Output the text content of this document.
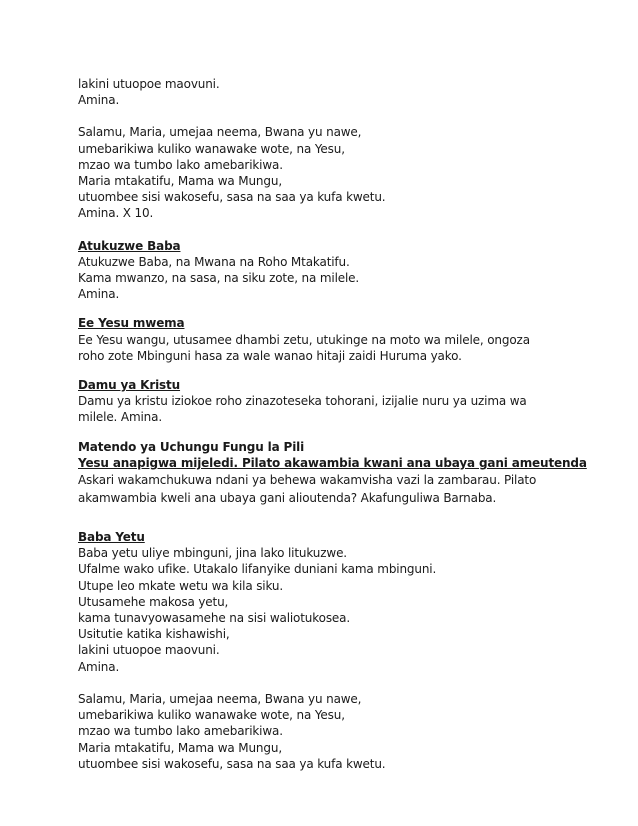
lakini utuopoe maovuni.
Amina.
Salamu, Maria, umejaa neema, Bwana yu nawe,
umebarikiwa kuliko wanawake wote, na Yesu,
mzao wa tumbo lako amebarikiwa.
Maria mtakatifu, Mama wa Mungu,
utuombee sisi wakosefu, sasa na saa ya kufa kwetu.
Amina. X 10.
Atukuzwe Baba
Atukuzwe Baba, na Mwana na Roho Mtakatifu.
Kama mwanzo, na sasa, na siku zote, na milele.
Amina.
Ee Yesu mwema
Ee Yesu wangu, utusamee dhambi zetu, utukinge na moto wa milele, ongoza roho zote Mbinguni hasa za wale wanao hitaji zaidi Huruma yako.
Damu ya Kristu
Damu ya kristu iziokoe roho zinazoteseka tohorani, izijalie nuru ya uzima wa milele. Amina.
Matendo ya Uchungu Fungu la Pili
Yesu anapigwa mijeledi. Pilato akawambia kwani ana ubaya gani ameutenda
Askari wakamchukuwa ndani ya behewa wakamvisha vazi la zambarau. Pilato akamwambia kweli ana ubaya gani alioutenda? Akafunguliwa Barnaba.
Baba Yetu
Baba yetu uliye mbinguni, jina lako litukuzwe.
Ufalme wako ufike. Utakalo lifanyike duniani kama mbinguni.
Utupe leo mkate wetu wa kila siku.
Utusamehe makosa yetu,
kama tunavyowasamehe na sisi waliotukosea.
Usitutie katika kishawishi,
lakini utuopoe maovuni.
Amina.
Salamu, Maria, umejaa neema, Bwana yu nawe,
umebarikiwa kuliko wanawake wote, na Yesu,
mzao wa tumbo lako amebarikiwa.
Maria mtakatifu, Mama wa Mungu,
utuombee sisi wakosefu, sasa na saa ya kufa kwetu.
